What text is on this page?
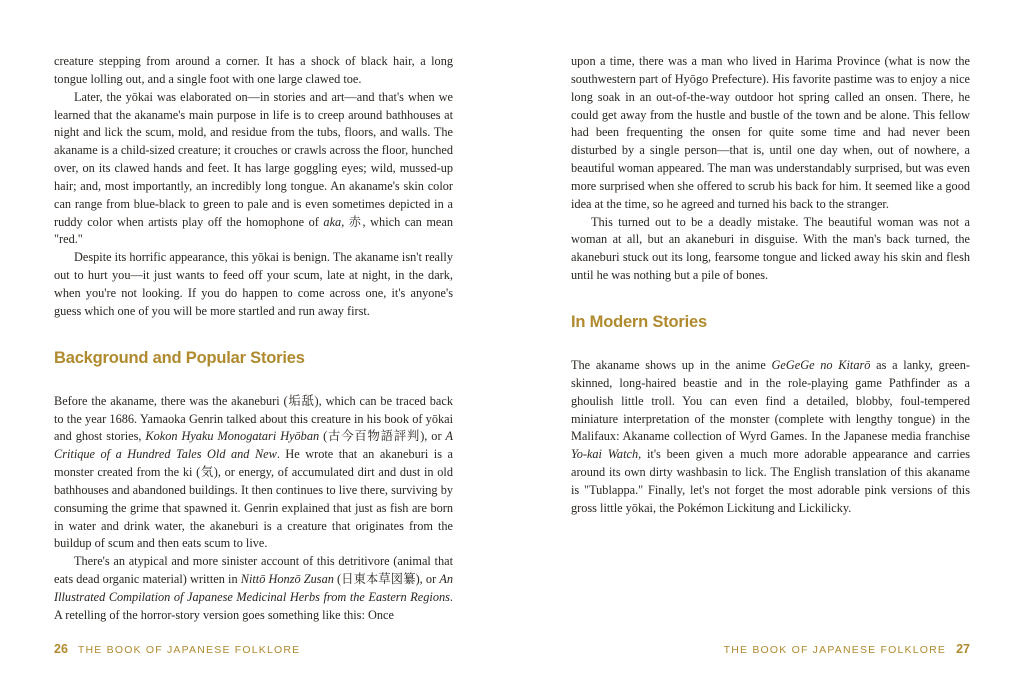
creature stepping from around a corner. It has a shock of black hair, a long tongue lolling out, and a single foot with one large clawed toe.

Later, the yōkai was elaborated on—in stories and art—and that's when we learned that the akaname's main purpose in life is to creep around bathhouses at night and lick the scum, mold, and residue from the tubs, floors, and walls. The akaname is a child-sized creature; it crouches or crawls across the floor, hunched over, on its clawed hands and feet. It has large goggling eyes; wild, mussed-up hair; and, most importantly, an incredibly long tongue. An akaname's skin color can range from blue-black to green to pale and is even sometimes depicted in a ruddy color when artists play off the homophone of aka, 赤, which can mean "red."

Despite its horrific appearance, this yōkai is benign. The akaname isn't really out to hurt you—it just wants to feed off your scum, late at night, in the dark, when you're not looking. If you do happen to come across one, it's anyone's guess which one of you will be more startled and run away first.

Background and Popular Stories

Before the akaname, there was the akaneburi (垢舐), which can be traced back to the year 1686. Yamaoka Genrin talked about this creature in his book of yōkai and ghost stories, Kokon Hyaku Monogatari Hyōban (古今百物語評判), or A Critique of a Hundred Tales Old and New. He wrote that an akaneburi is a monster created from the ki (気), or energy, of accumulated dirt and dust in old bathhouses and abandoned buildings. It then continues to live there, surviving by consuming the grime that spawned it. Genrin explained that just as fish are born in water and drink water, the akaneburi is a creature that originates from the buildup of scum and then eats scum to live.

There's an atypical and more sinister account of this detritivore (animal that eats dead organic material) written in Nittō Honzō Zusan (日東本草図纂), or An Illustrated Compilation of Japanese Medicinal Herbs from the Eastern Regions. A retelling of the horror-story version goes something like this: Once

26 THE BOOK OF JAPANESE FOLKLORE

upon a time, there was a man who lived in Harima Province (what is now the southwestern part of Hyōgo Prefecture). His favorite pastime was to enjoy a nice long soak in an out-of-the-way outdoor hot spring called an onsen. There, he could get away from the hustle and bustle of the town and be alone. This fellow had been frequenting the onsen for quite some time and had never been disturbed by a single person—that is, until one day when, out of nowhere, a beautiful woman appeared. The man was understandably surprised, but was even more surprised when she offered to scrub his back for him. It seemed like a good idea at the time, so he agreed and turned his back to the stranger.

This turned out to be a deadly mistake. The beautiful woman was not a woman at all, but an akaneburi in disguise. With the man's back turned, the akaneburi stuck out its long, fearsome tongue and licked away his skin and flesh until he was nothing but a pile of bones.

In Modern Stories

The akaname shows up in the anime GeGeGe no Kitarō as a lanky, green-skinned, long-haired beastie and in the role-playing game Pathfinder as a ghoulish little troll. You can even find a detailed, blobby, foul-tempered miniature interpretation of the monster (complete with lengthy tongue) in the Malifaux: Akaname collection of Wyrd Games. In the Japanese media franchise Yo-kai Watch, it's been given a much more adorable appearance and carries around its own dirty washbasin to lick. The English translation of this akaname is "Tublappa." Finally, let's not forget the most adorable pink versions of this gross little yōkai, the Pokémon Lickitung and Lickilicky.

THE BOOK OF JAPANESE FOLKLORE 27
